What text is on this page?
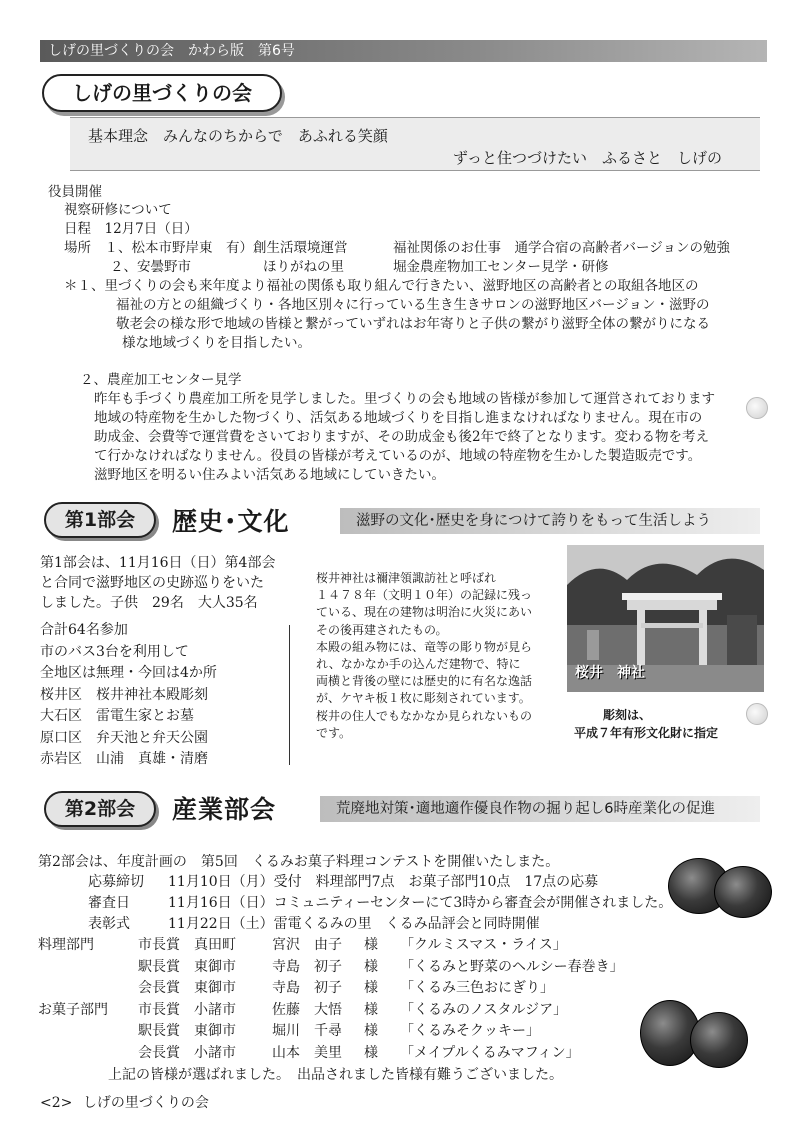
しげの里づくりの会　かわら版　第6号
しげの里づくりの会
基本理念　みんなのちからで　あふれる笑顔
ずっと住つづけたい　ふるさと　しげの
役員開催
視察研修について
日程　12月7日（日）
場所　１、松本市野岸東　有）創生活環境運営	福祉関係のお仕事　通学合宿の高齢者バージョンの勉強
２、安曇野市	ほりがねの里	堀金農産物加工センター見学・研修
＊１、里づくりの会も来年度より福祉の関係も取り組んで行きたい、滋野地区の高齢者との取組各地区の
福祉の方との組織づくり・各地区別々に行っている生き生きサロンの滋野地区バージョン・滋野の
敬老会の様な形で地域の皆様と繋がっていずれはお年寄りと子供の繋がり滋野全体の繋がりになる
様な地域づくりを目指したい。
２、農産加工センター見学
昨年も手づくり農産加工所を見学しました。里づくりの会も地域の皆様が参加して運営されております
地域の特産物を生かした物づくり、活気ある地域づくりを目指し進まなければなりません。現在市の
助成金、会費等で運営費をさいておりますが、その助成金も後2年で終了となります。変わる物を考え
て行かなければなりません。役員の皆様が考えているのが、地域の特産物を生かした製造販売です。
滋野地区を明るい住みよい活気ある地域にしていきたい。
第1部会	歴史･文化	滋野の文化･歴史を身につけて誇りをもって生活しよう
第1部会は、11月16日（日）第4部会
と合同で滋野地区の史跡巡りをいた
しました。子供　29名　大人35名
合計64名参加
市のバス3台を利用して
全地区は無理・今回は4か所
桜井区　桜井神社本殿彫刻
大石区　雷電生家とお墓
原口区　弁天池と弁天公園
赤岩区　山浦　真雄・清磨
桜井神社は禰津領諏訪社と呼ばれ
１４７８年（文明１０年）の記録に残っ
ている、現在の建物は明治に火災にあい
その後再建されたもの。
本殿の組み物には、竜等の彫り物が見ら
れ、なかなか手の込んだ建物で、特に
両横と背後の壁には歴史的に有名な逸話
が、ケヤキ板１枚に彫刻されています。
桜井の住人でもなかなか見られないもの
です。
桜井　神社
彫刻は、
平成７年有形文化財に指定
第2部会	産業部会	荒廃地対策･適地適作優良作物の掘り起し6時産業化の促進
第2部会は、年度計画の　第5回　くるみお菓子料理コンテストを開催いたしまた。
応募締切 11月10日（月）受付　料理部門7点　お菓子部門10点　17点の応募
審査日	11月16日（日）コミュニティーセンターにて3時から審査会が開催されました。
表彰式	11月22日（土）雷電くるみの里　くるみ品評会と同時開催
料理部門	市長賞 真田町	宮沢　由子 様 「クルミスマス・ライス」
駅長賞 東御市	寺島　初子 様 「くるみと野菜のヘルシー春巻き」
会長賞 東御市	寺島　初子 様 「くるみ三色おにぎり」
お菓子部門 市長賞 小諸市	佐藤　大悟 様 「くるみのノスタルジア」
駅長賞 東御市	堀川　千尋 様 「くるみそクッキー」
会長賞 小諸市	山本　美里 様 「メイプルくるみマフィン」
上記の皆様が選ばれました。　出品されました皆様有難うございました。
<2> しげの里づくりの会
